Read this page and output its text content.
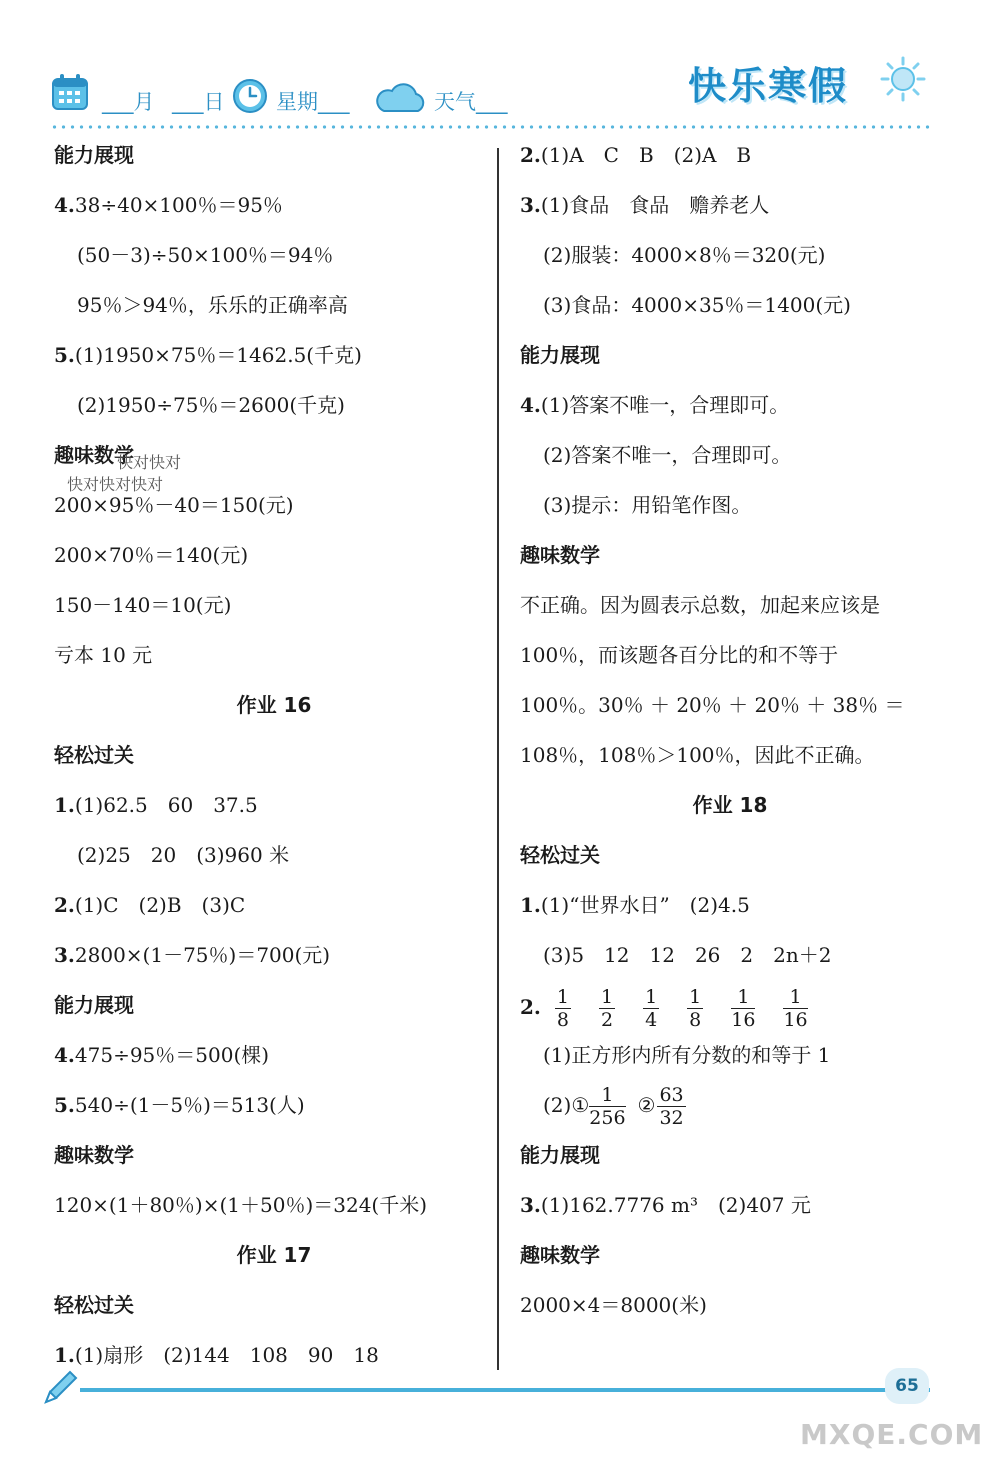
___月 ___日 星期___	天气___	快乐寒假
能力展现
4.38÷40×100％＝95％
(50－3)÷50×100％＝94％
95％＞94％，乐乐的正确率高
5.(1)1950×75％＝1462.5(千克)
(2)1950÷75％＝2600(千克)
趣味数学
200×95％－40＝150(元)
200×70％＝140(元)
150－140＝10(元)
亏本 10 元
作业 16
轻松过关
1.(1)62.5　60　37.5
(2)25　20　(3)960 米
2.(1)C　(2)B　(3)C
3.2800×(1－75％)＝700(元)
能力展现
4.475÷95％＝500(棵)
5.540÷(1－5％)＝513(人)
趣味数学
120×(1＋80％)×(1＋50％)＝324(千米)
作业 17
轻松过关
1.(1)扇形　(2)144　108　90　18
2.(1)A　C　B　(2)A　B
3.(1)食品　食品　赡养老人
(2)服装：4000×8％＝320(元)
(3)食品：4000×35％＝1400(元)
能力展现
4.(1)答案不唯一，合理即可。
(2)答案不唯一，合理即可。
(3)提示：用铅笔作图。
趣味数学
不正确。因为圆表示总数，加起来应该是
100％，而该题各百分比的和不等于
100％。30％ ＋ 20％ ＋ 20％ ＋ 38％ ＝
108％，108％＞100％，因此不正确。
作业 18
轻松过关
1.(1)“世界水日”　(2)4.5
(3)5　12　12　26　2　2n＋2
2. $\frac{1}{8} \frac{1}{2} \frac{1}{4} \frac{1}{8} \frac{1}{16} \frac{1}{16}$
(1)正方形内所有分数的和等于 1
(2)① $\frac{1}{256}$ ② $\frac{63}{32}$
能力展现
3.(1)162.7776 m³　(2)407 元
趣味数学
2000×4＝8000(米)
快对快对
快对快对快对
65
MXQE.COM
